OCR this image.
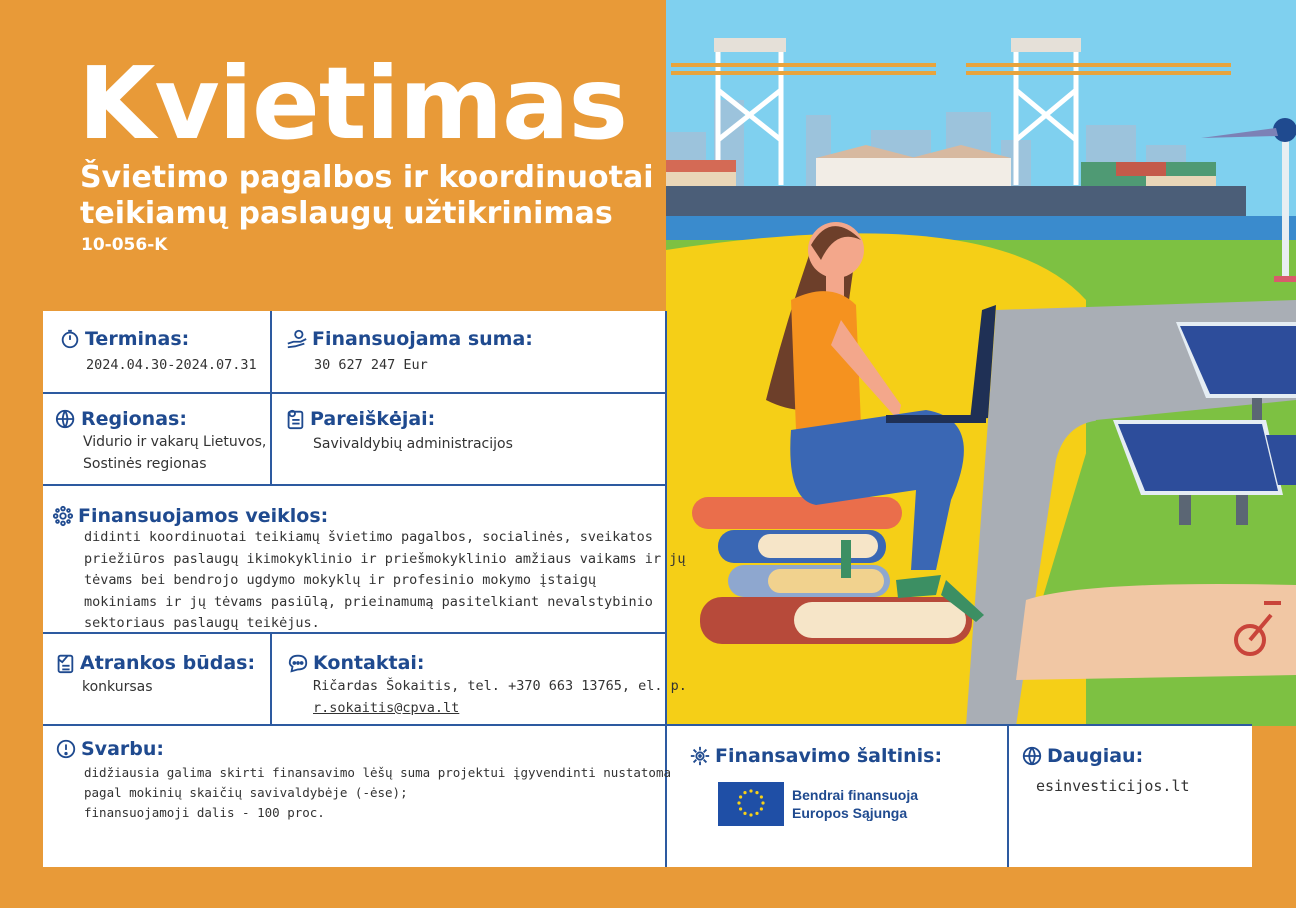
Kvietimas
Švietimo pagalbos ir koordinuotai
teikiamų paslaugų užtikrinimas
10-056-K
Terminas:
2024.04.30-2024.07.31
Finansuojama suma:
30 627 247 Eur
Regionas:
Vidurio ir vakarų Lietuvos,
Sostinės regionas
Pareiškėjai:
Savivaldybių administracijos
Finansuojamos veiklos:
didinti koordinuotai teikiamų švietimo pagalbos, socialinės, sveikatos
priežiūros paslaugų ikimokyklinio ir priešmokyklinio amžiaus vaikams ir jų
tėvams bei bendrojo ugdymo mokyklų ir profesinio mokymo įstaigų
mokiniams ir jų tėvams pasiūlą, prieinamumą pasitelkiant nevalstybinio
sektoriaus paslaugų teikėjus.
Atrankos būdas:
konkursas
Kontaktai:
Ričardas Šokaitis, tel. +370 663 13765, el. p.
r.sokaitis@cpva.lt
Svarbu:
didžiausia galima skirti finansavimo lėšų suma projektui įgyvendinti nustatoma
pagal mokinių skaičių savivaldybėje (-ėse);
finansuojamoji dalis - 100 proc.
Finansavimo šaltinis:
Bendrai finansuoja
Europos Sąjunga
Daugiau:
esinvesticijos.lt
